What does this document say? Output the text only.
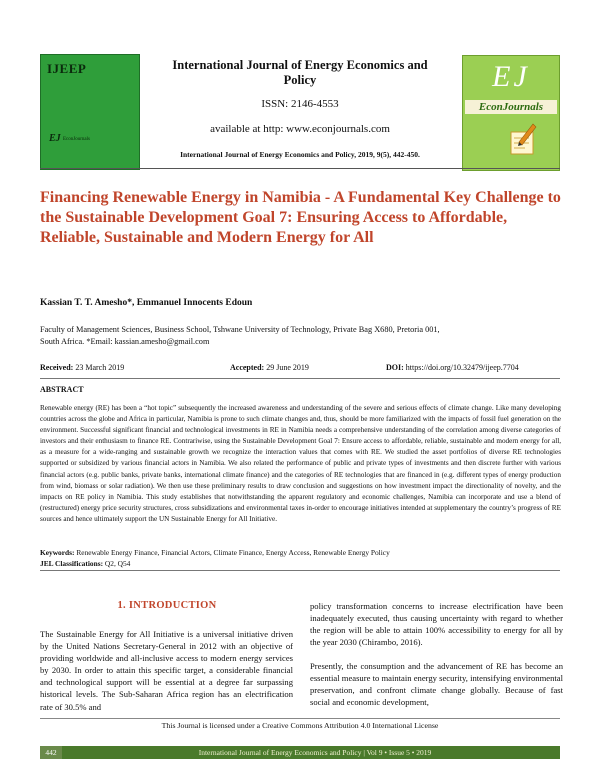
IJEEP
EJ EconJournals
International Journal of Energy Economics and Policy
ISSN: 2146-4553
available at http: www.econjournals.com
International Journal of Energy Economics and Policy, 2019, 9(5), 442-450.
EJ
EconJournals
Financing Renewable Energy in Namibia - A Fundamental Key Challenge to the Sustainable Development Goal 7: Ensuring Access to Affordable, Reliable, Sustainable and Modern Energy for All
Kassian T. T. Amesho*, Emmanuel Innocents Edoun
Faculty of Management Sciences, Business School, Tshwane University of Technology, Private Bag X680, Pretoria 001,
South Africa. *Email: kassian.amesho@gmail.com
Received: 23 March 2019	Accepted: 29 June 2019	DOI: https://doi.org/10.32479/ijeep.7704
ABSTRACT
Renewable energy (RE) has been a “hot topic” subsequently the increased awareness and understanding of the severe and serious effects of climate change. Like many developing countries across the globe and Africa in particular, Namibia is prone to such climate changes and, thus, should be more familiarized with the impacts of fossil fuel generation on the environment. Successful significant financial and technological investments in RE in Namibia needs a comprehensive understanding of the correlation among diverse categories of investors and their enthusiasm to finance RE. Contrariwise, using the Sustainable Development Goal 7: Ensure access to affordable, reliable, sustainable and modern energy for all, as a measure for a wide-ranging and sustainable growth we recognize the interaction values that comes with RE. We studied the asset portfolios of diverse RE technologies supported or subsidized by various financial actors in Namibia. We also related the performance of public and private types of investments and then discrete further with various financial actors (e.g. public banks, private banks, international climate finance) and the categories of RE technologies that are financed in (e.g. different types of energy production from wind, biomass or solar radiation). We then use these preliminary results to draw conclusion and suggestions on how investment impact the directionality of novelty, and the impacts on RE policy in Namibia. This study establishes that notwithstanding the apparent regulatory and economic challenges, Namibia can incorporate and use a blend of (restructured) energy price security structures, cross subsidizations and environmental taxes in-order to encourage initiatives intended at supplementary the country’s progress of RE sources and hence ultimately support the UN Sustainable Energy for All Initiative.
Keywords: Renewable Energy Finance, Financial Actors, Climate Finance, Energy Access, Renewable Energy Policy
JEL Classifications: Q2, Q54
1. INTRODUCTION
The Sustainable Energy for All Initiative is a universal initiative driven by the United Nations Secretary-General in 2012 with an objective of providing worldwide and all-inclusive access to modern energy services by 2030. In order to attain this specific target, a considerable financial and technological support will be essential at a degree far surpassing historical levels. The Sub-Saharan Africa region has an electrification rate of 30.5% and
policy transformation concerns to increase electrification have been inadequately executed, thus causing uncertainty with regard to whether the region will be able to attain 100% accessibility to energy for all by the year 2030 (Chirambo, 2016).
Presently, the consumption and the advancement of RE has become an essential measure to maintain energy security, intensifying environmental preservation, and confront climate change globally. Because of fast social and economic development,
This Journal is licensed under a Creative Commons Attribution 4.0 International License
442	International Journal of Energy Economics and Policy | Vol 9 • Issue 5 • 2019
